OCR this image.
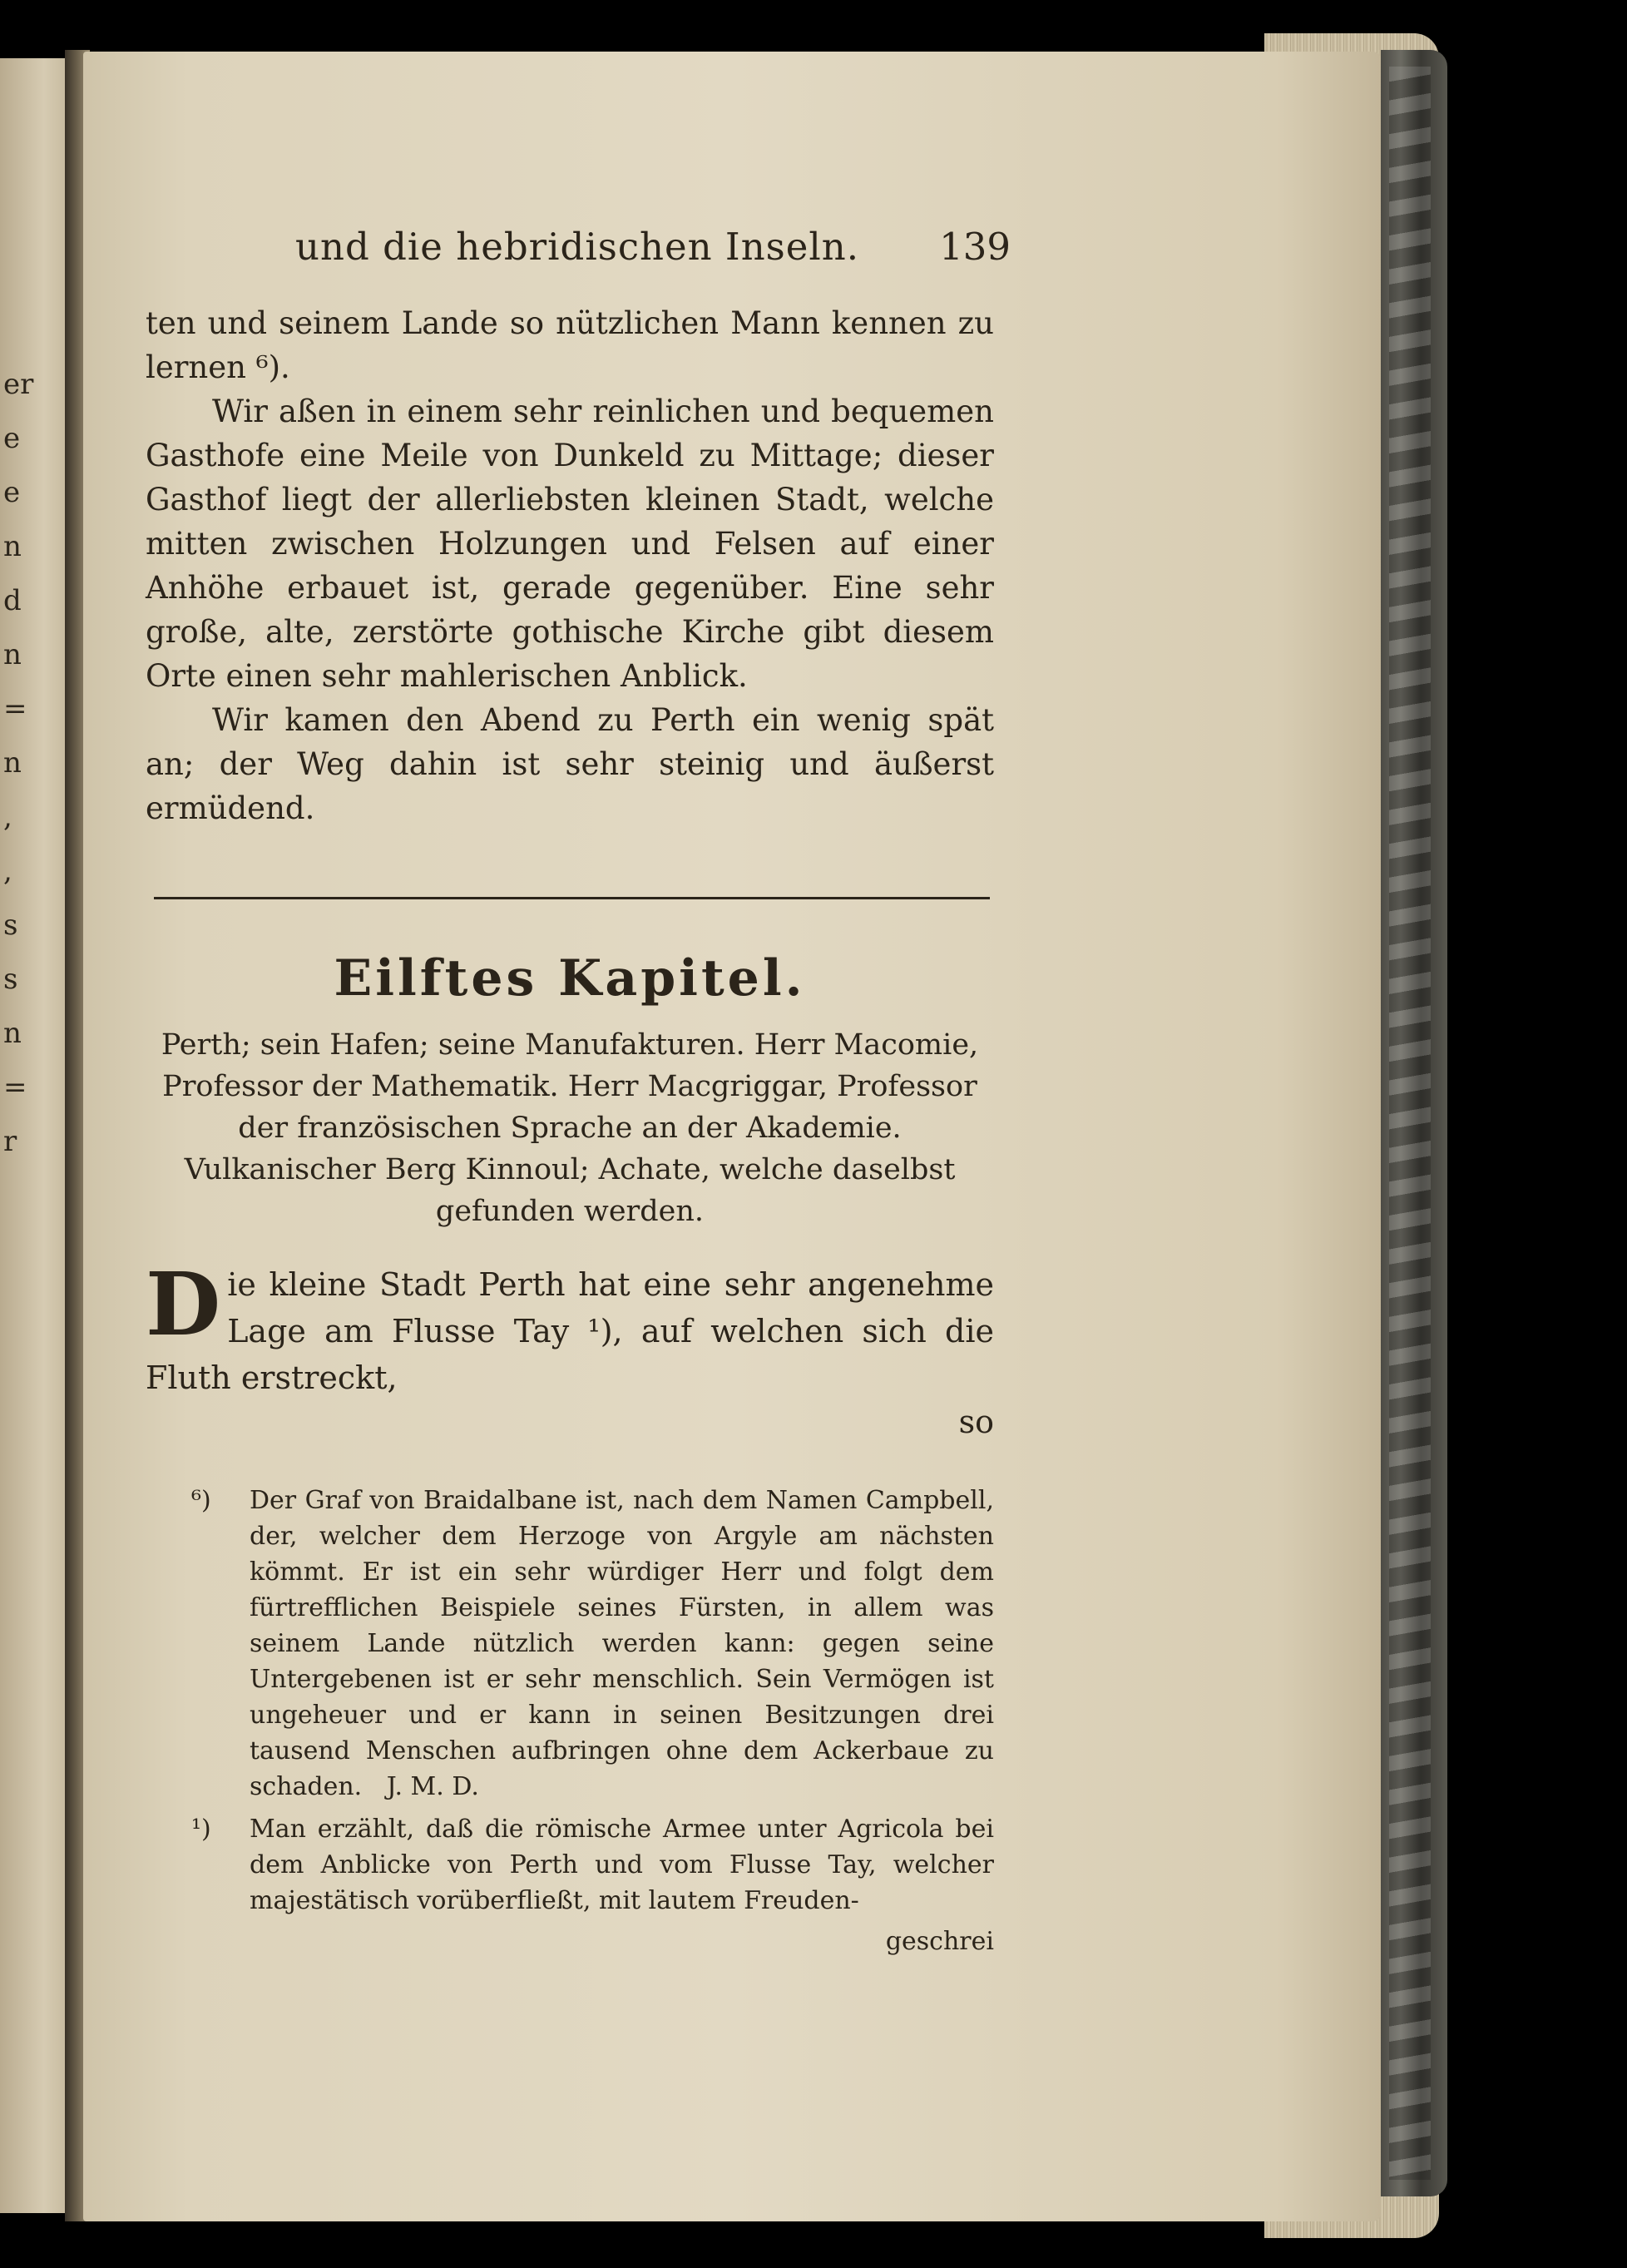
er
e
e
n
d
n
=
n
,
,
s
s
n
=
r
und die hebridischen Inseln. 139

ten und seinem Lande so nützlichen Mann kennen zu lernen ⁶).

Wir aßen in einem sehr reinlichen und bequemen Gasthofe eine Meile von Dunkeld zu Mittage; dieser Gasthof liegt der allerliebsten kleinen Stadt, welche mitten zwischen Holzungen und Felsen auf einer Anhöhe erbauet ist, gerade gegenüber. Eine sehr große, alte, zerstörte gothische Kirche gibt diesem Orte einen sehr mahlerischen Anblick.

Wir kamen den Abend zu Perth ein wenig spät an; der Weg dahin ist sehr steinig und äußerst ermüdend.

Eilftes Kapitel.

Perth; sein Hafen; seine Manufakturen. Herr Macomie, Professor der Mathematik. Herr Macgriggar, Professor der französischen Sprache an der Akademie. Vulkanischer Berg Kinnoul; Achate, welche daselbst gefunden werden.

D ie kleine Stadt Perth hat eine sehr angenehme Lage am Flusse Tay ¹), auf welchen sich die Fluth erstreckt,

so

⁶) Der Graf von Braidalbane ist, nach dem Namen Campbell, der, welcher dem Herzoge von Argyle am nächsten kömmt. Er ist ein sehr würdiger Herr und folgt dem fürtrefflichen Beispiele seines Fürsten, in allem was seinem Lande nützlich werden kann: gegen seine Untergebenen ist er sehr menschlich. Sein Vermögen ist ungeheuer und er kann in seinen Besitzungen drei tausend Menschen aufbringen ohne dem Ackerbaue zu schaden. J. M. D.

¹) Man erzählt, daß die römische Armee unter Agricola bei dem Anblicke von Perth und vom Flusse Tay, welcher majestätisch vorüberfließt, mit lautem Freuden-

geschrei
